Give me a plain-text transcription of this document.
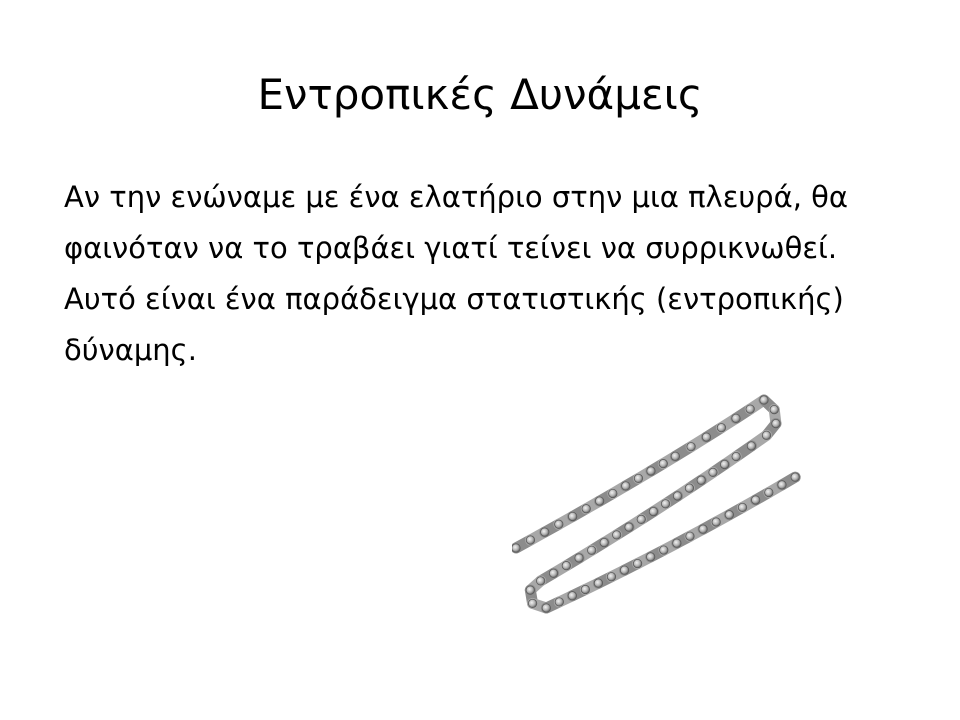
Εντροπικές Δυνάμεις

Αν την ενώναμε με ένα ελατήριο στην μια πλευρά, θα φαινόταν να το τραβάει γιατί τείνει να συρρικνωθεί. Αυτό είναι ένα παράδειγμα στατιστικής (εντροπικής) δύναμης.
